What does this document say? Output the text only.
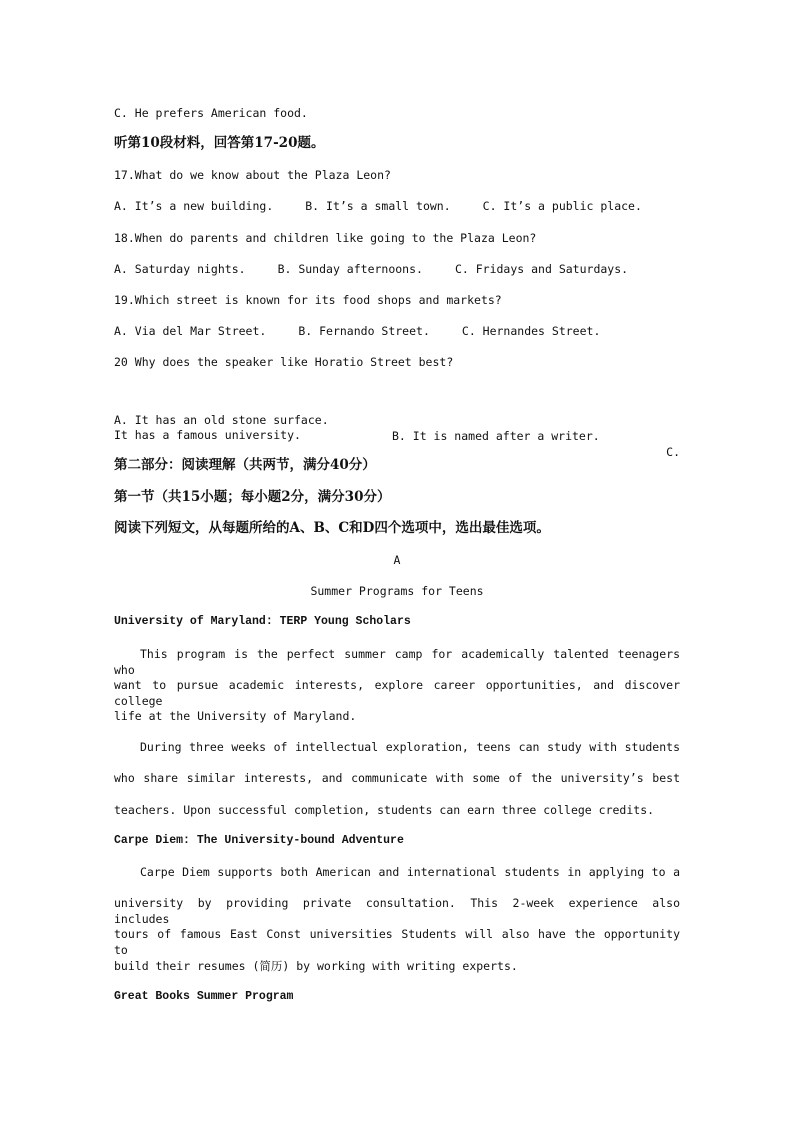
C. He prefers American food.
听第10段材料，回答第17-20题。
17.What do we know about the Plaza Leon?
A. It’s a new building.	B. It’s a small town.	C. It’s a public place.
18.When do parents and children like going to the Plaza Leon?
A. Saturday nights.	B. Sunday afternoons.	C. Fridays and Saturdays.
19.Which street is known for its food shops and markets?
A. Via del Mar Street.	B. Fernando Street.	C. Hernandes Street.
20 Why does the speaker like Horatio Street best?

A. It has an old stone surface.

B. It is named after a writer.

C.

It has a famous university.
第二部分：阅读理解（共两节，满分40分）
第一节（共15小题；每小题2分，满分30分）
阅读下列短文，从每题所给的A、B、C和D四个选项中，选出最佳选项。
A
Summer Programs for Teens
University of Maryland: TERP Young Scholars
This program is the perfect summer camp for academically talented teenagers who
want to pursue academic interests, explore career opportunities, and discover college
life at the University of Maryland.
During three weeks of intellectual exploration, teens can study with students
who share similar interests, and communicate with some of the university’s best
teachers. Upon successful completion, students can earn three college credits.
Carpe Diem: The University-bound Adventure
Carpe Diem supports both American and international students in applying to a
university by providing private consultation. This 2-week experience also includes
tours of famous East Const universities Students will also have the opportunity to
build their resumes (简历) by working with writing experts.
Great Books Summer Program
